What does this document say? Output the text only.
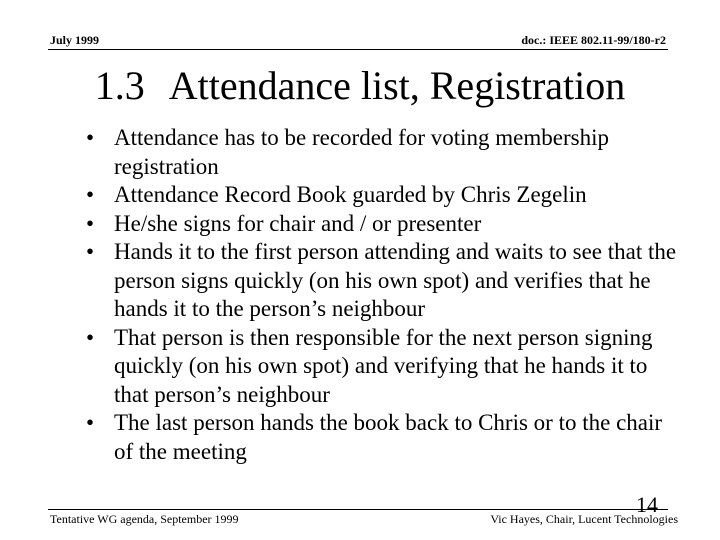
July 1999	doc.: IEEE 802.11-99/180-r2
1.3 Attendance list, Registration
• Attendance has to be recorded for voting membership registration
• Attendance Record Book guarded by Chris Zegelin
• He/she signs for chair and / or presenter
• Hands it to the first person attending and waits to see that the person signs quickly (on his own spot) and verifies that he hands it to the person’s neighbour
• That person is then responsible for the next person signing quickly (on his own spot) and verifying that he hands it to that person’s neighbour
• The last person hands the book back to Chris or to the chair of the meeting
Tentative WG agenda, September 1999
14
Vic Hayes, Chair, Lucent Technologies
